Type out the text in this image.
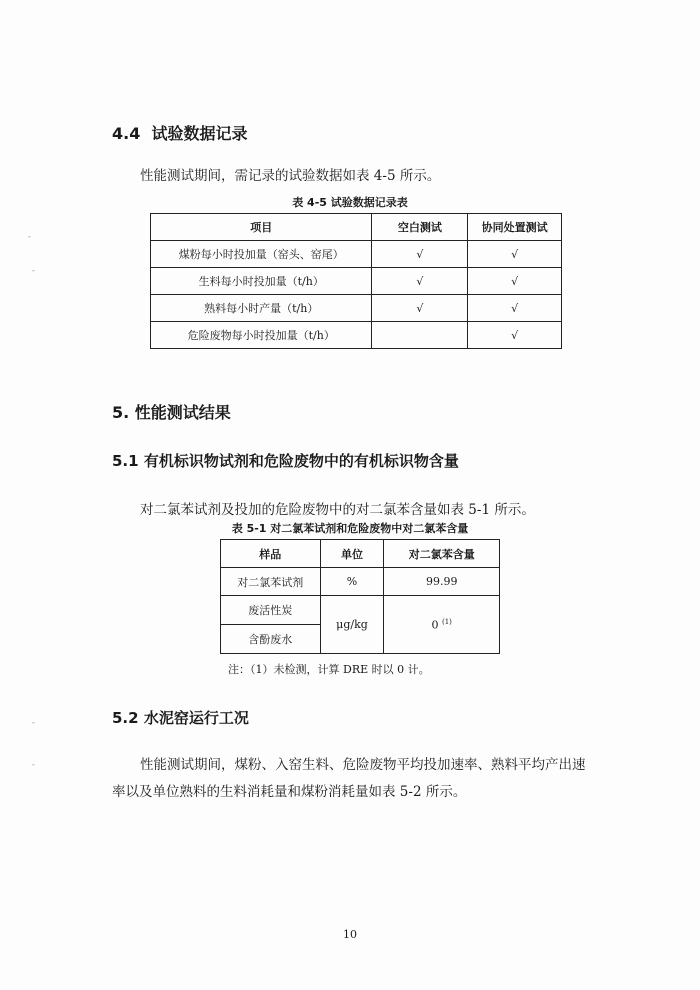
-
-
-
-
4.4 试验数据记录
性能测试期间，需记录的试验数据如表 4-5 所示。
表 4-5 试验数据记录表
项目	空白测试	协同处置测试
煤粉每小时投加量（窑头、窑尾）	√	√
生料每小时投加量（t/h）	√	√
熟料每小时产量（t/h）	√	√
危险废物每小时投加量（t/h）		√
5. 性能测试结果
5.1 有机标识物试剂和危险废物中的有机标识物含量
对二氯苯试剂及投加的危险废物中的对二氯苯含量如表 5-1 所示。
表 5-1 对二氯苯试剂和危险废物中对二氯苯含量
样品	单位	对二氯苯含量
对二氯苯试剂	%	99.99
废活性炭	μg/kg	0 $^{(1)}$
含酚废水		
注：（1）未检测，计算 DRE 时以 0 计。
5.2 水泥窑运行工况
性能测试期间，煤粉、入窑生料、危险废物平均投加速率、熟料平均产出速
率以及单位熟料的生料消耗量和煤粉消耗量如表 5-2 所示。
10
